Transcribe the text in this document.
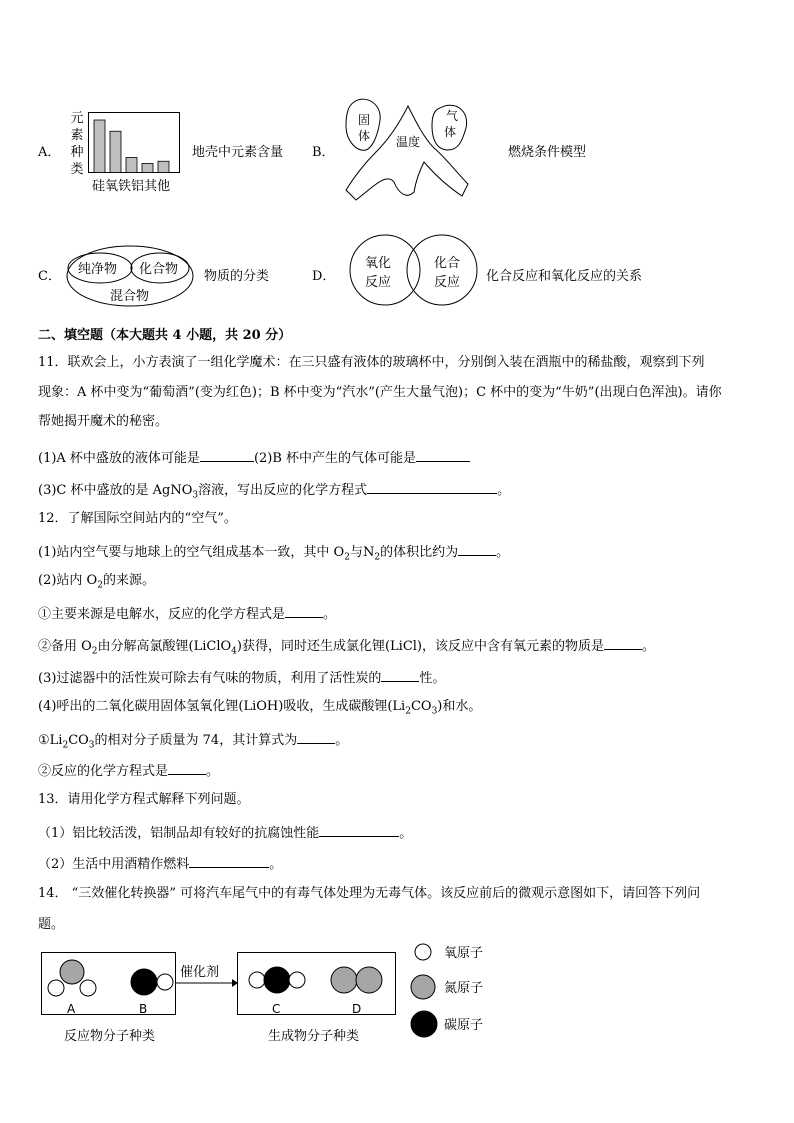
A．
元
素
种
类
硅氧铁铝其他
地壳中元素含量 B．
固
体
气
体
温度
燃烧条件模型
C． 纯净物 化合物
混合物
物质的分类	D．
氧化
反应
化合
反应 化合反应和氧化反应的关系
二、填空题（本大题共 4 小题，共 20 分）
11．联欢会上，小方表演了一组化学魔术：在三只盛有液体的玻璃杯中，分别倒入装在酒瓶中的稀盐酸，观察到下列
现象：A 杯中变为“葡萄酒”(变为红色)；B 杯中变为“汽水”(产生大量气泡)；C 杯中的变为“牛奶”(出现白色浑浊)。请你
帮她揭开魔术的秘密。
(1)A 杯中盛放的液体可能是	(2)B 杯中产生的气体可能是
(3)C 杯中盛放的是 AgNO$_3$溶液，写出反应的化学方程式	。
12．了解国际空间站内的“空气”。
(1)站内空气要与地球上的空气组成基本一致，其中 $O_2$与$N_2$的体积比约为	。
(2)站内 $O_2$的来源。
①主要来源是电解水，反应的化学方程式是	。
②备用 $O_2$由分解高氯酸锂(LiClO$_4$)获得，同时还生成氯化锂(LiCl)，该反应中含有氧元素的物质是	。
(3)过滤器中的活性炭可除去有气味的物质，利用了活性炭的	性。
(4)呼出的二氧化碳用固体氢氧化锂(LiOH)吸收，生成碳酸锂$(Li_2CO_3)$和水。
$①Li_2CO_3$的相对分子质量为 74，其计算式为	。
②反应的化学方程式是	。
13．请用化学方程式解释下列问题。
（1）铝比较活泼，铝制品却有较好的抗腐蚀性能	。
（2）生活中用酒精作燃料	。
14． “三效催化转换器” 可将汽车尾气中的有毒气体处理为无毒气体。该反应前后的微观示意图如下，请回答下列问
题。
A	B
催化剂
C	D
反应物分子种类	生成物分子种类
氧原子
氮原子
碳原子
